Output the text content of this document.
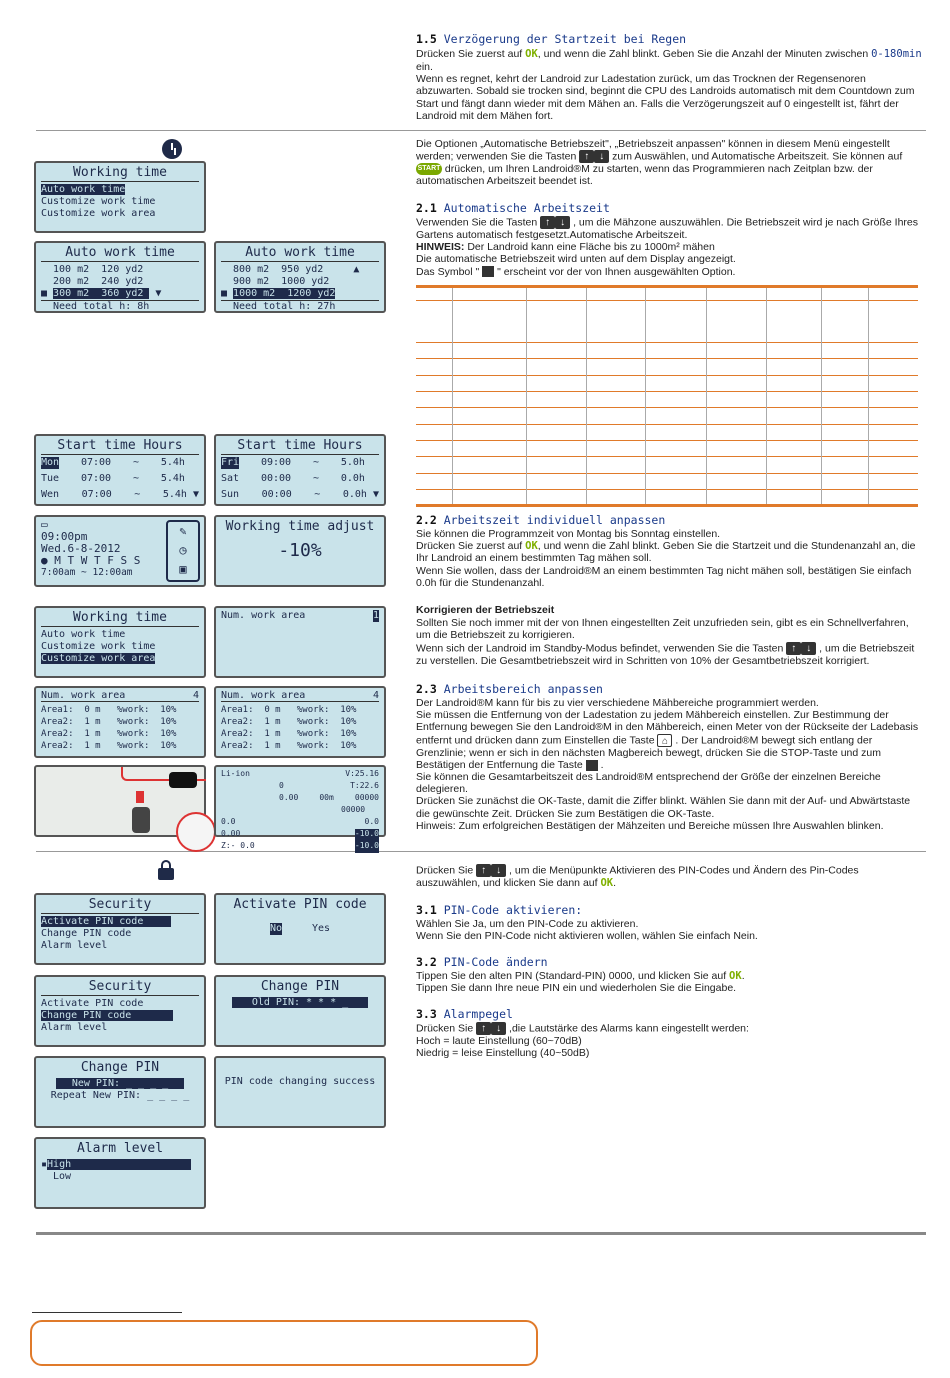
1.5 Verzögerung der Startzeit bei Regen

Drücken Sie zuerst auf OK, und wenn die Zahl blinkt. Geben Sie die Anzahl der Minuten zwischen 0-180min ein.

Wenn es regnet, kehrt der Landroid zur Ladestation zurück, um das Trocknen der Regensenoren abzuwarten. Sobald sie trocken sind, beginnt die CPU des Landroids automatisch mit dem Countdown zum Start und fängt dann wieder mit dem Mähen an. Falls die Verzögerungszeit auf 0 eingestellt ist, fährt der Landroid mit dem Mähen fort.

Die Optionen „Automatische Betriebszeit", „Betriebszeit anpassen" können in diesem Menü eingestellt werden; verwenden Sie die Tasten ↑ ↓ zum Auswählen, und Automatische Arbeitszeit. Sie können auf START drücken, um Ihren Landroid®M zu starten, wenn das Programmieren nach Zeitplan bzw. der automatischen Arbeitszeit beendet ist.

2.1 Automatische Arbeitszeit

Verwenden Sie die Tasten ↑ ↓ , um die Mähzone auszuwählen. Die Betriebszeit wird je nach Größe Ihres Gartens automatisch festgesetzt.Automatische Arbeitszeit.

HINWEIS: Der Landroid kann eine Fläche bis zu 1000m² mähen

Die automatische Betriebszeit wird unten auf dem Display angezeigt.

Das Symbol "  " erscheint vor der von Ihnen ausgewählten Option.

2.2 Arbeitszeit individuell anpassen

Sie können die Programmzeit von Montag bis Sonntag einstellen.

Drücken Sie zuerst auf OK, und wenn die Zahl blinkt. Geben Sie die Startzeit und die Stundenanzahl an, die Ihr Landroid an einem bestimmten Tag mähen soll.

Wenn Sie wollen, dass der Landroid®M an einem bestimmten Tag nicht mähen soll, bestätigen Sie einfach 0.0h für die Stundenanzahl.

Korrigieren der Betriebszeit

Sollten Sie noch immer mit der von Ihnen eingestellten Zeit unzufrieden sein, gibt es ein Schnellverfahren, um die Betriebszeit zu korrigieren.

Wenn sich der Landroid im Standby-Modus befindet, verwenden Sie die Tasten ↑ ↓ , um die Betriebszeit zu verstellen. Die Gesamtbetriebszeit wird in Schritten von 10% der Gesamtbetriebszeit korrigiert.

2.3 Arbeitsbereich anpassen

Der Landroid®M kann für bis zu vier verschiedene Mähbereiche programmiert werden.

Sie müssen die Entfernung von der Ladestation zu jedem Mähbereich einstellen. Zur Bestimmung der Entfernung bewegen Sie den Landroid®M in den Mähbereich, einen Meter von der Rückseite der Ladebasis entfernt und drücken dann zum Einstellen die Taste ⌂ . Der Landroid®M bewegt sich entlang der Grenzlinie; wenn er sich in den nächsten Magbereich bewegt, drücken Sie die STOP-Taste und zum Bestätigen der Entfernung die Taste  .

Sie können die Gesamtarbeitszeit des Landroid®M entsprechend der Größe der einzelnen Bereiche delegieren.

Drücken Sie zunächst die OK-Taste, damit die Ziffer blinkt. Wählen Sie dann mit der Auf- und Abwärtstaste die gewünschte Zeit. Drücken Sie zum Bestätigen die OK-Taste.

Hinweis: Zum erfolgreichen Bestätigen der Mähzeiten und Bereiche müssen Ihre Auswahlen blinken.

Drücken Sie ↑ ↓ , um die Menüpunkte Aktivieren des PIN-Codes und Ändern des Pin-Codes auszuwählen, und klicken Sie dann auf OK.

3.1 PIN-Code aktivieren:

Wählen Sie Ja, um den PIN-Code zu aktivieren.

Wenn Sie den PIN-Code nicht aktivieren wollen, wählen Sie einfach Nein.

3.2 PIN-Code ändern

Tippen Sie den alten PIN (Standard-PIN) 0000, und klicken Sie auf OK.

Tippen Sie dann Ihre neue PIN ein und wiederholen Sie die Eingabe.

3.3 Alarmpegel

Drücken Sie ↑ ↓ ,die Lautstärke des Alarms kann eingestellt werden:

Hoch = laute Einstellung (60~70dB)

Niedrig = leise Einstellung (40~50dB)

Working time
Auto work time
Customize work time
Customize work area
Auto work time
100 m2  120 yd2
200 m2  240 yd2
■ 300 m2  360 yd2 ▼
Need total h: 8h
Auto work time
800 m2  950 yd2     ▲
900 m2  1000 yd2
■ 1000 m2  1200 yd2
Need total h: 27h
Start time Hours
Mon 07:00 ~ 5.4h
Tue 07:00 ~ 5.4h
Wen 07:00 ~ 5.4h ▼
Start time Hours
Fri 09:00 ~ 5.0h
Sat 00:00 ~ 0.0h
Sun 00:00 ~ 0.0h ▼
▭
09:00pm
Wed.6-8-2012
● M T W T F S S
7:00am ~ 12:00am
✎
◷
▣
Working time adjust
-10%
Working time
Auto work time
Customize work time
Customize work area
Num. work area	1
Num. work area	4
Area1:  0 m   %work:  10%
Area2:  1 m   %work:  10%
Area2:  1 m   %work:  10%
Area2:  1 m   %work:  10%
Num. work area	4
Area1:  0 m   %work:  10%
Area2:  1 m   %work:  10%
Area2:  1 m   %work:  10%
Area2:  1 m   %work:  10%
Li-ion	V:25.16
0	T:22.6
0.00	00m	00000
00000
0.0	0.0
0.00	-10.0
Z:- 0.0	-10.0
Security
Activate PIN code
Change PIN code
Alarm level
Activate PIN code
No	Yes
Security
Activate PIN code
Change PIN code
Alarm level
Change PIN
Old PIN: * * * _
Change PIN
New PIN: _ _ _ _
Repeat New PIN: _ _ _ _
PIN code changing success
Alarm level
▪High
Low
